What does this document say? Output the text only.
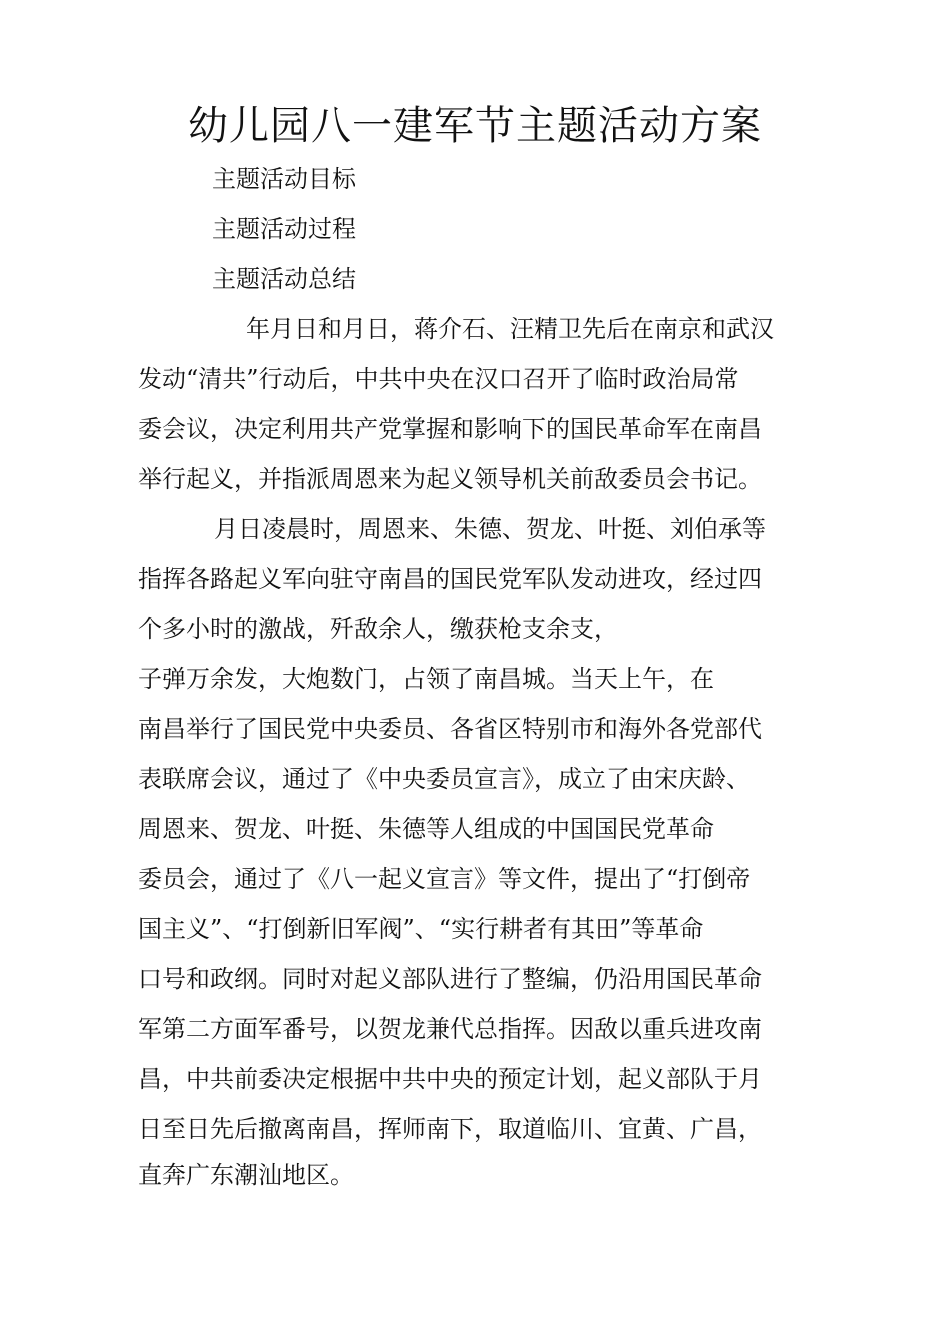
幼儿园八一建军节主题活动方案
主题活动目标
主题活动过程
主题活动总结
年月日和月日，蒋介石、汪精卫先后在南京和武汉
发动“清共”行动后，中共中央在汉口召开了临时政治局常
委会议，决定利用共产党掌握和影响下的国民革命军在南昌
举行起义，并指派周恩来为起义领导机关前敌委员会书记。
月日凌晨时，周恩来、朱德、贺龙、叶挺、刘伯承等
指挥各路起义军向驻守南昌的国民党军队发动进攻，经过四
个多小时的激战，歼敌余人，缴获枪支余支，
子弹万余发，大炮数门，占领了南昌城。当天上午，在
南昌举行了国民党中央委员、各省区特别市和海外各党部代
表联席会议，通过了《中央委员宣言》，成立了由宋庆龄、
周恩来、贺龙、叶挺、朱德等人组成的中国国民党革命
委员会，通过了《八一起义宣言》等文件，提出了“打倒帝
国主义”、“打倒新旧军阀”、“实行耕者有其田”等革命
口号和政纲。同时对起义部队进行了整编，仍沿用国民革命
军第二方面军番号，以贺龙兼代总指挥。因敌以重兵进攻南
昌，中共前委决定根据中共中央的预定计划，起义部队于月
日至日先后撤离南昌，挥师南下，取道临川、宜黄、广昌，
直奔广东潮汕地区。
